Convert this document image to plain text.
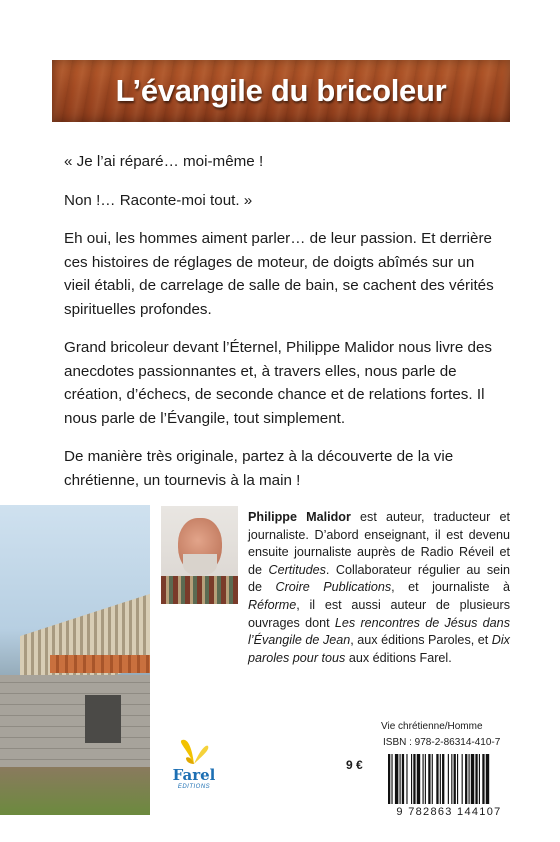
L’évangile du bricoleur

« Je l’ai réparé… moi-même !

Non !… Raconte-moi tout. »

Eh oui, les hommes aiment parler… de leur passion. Et derrière ces histoires de réglages de moteur, de doigts abîmés sur un vieil établi, de carrelage de salle de bain, se cachent des vérités spirituelles profondes.

Grand bricoleur devant l’Éternel, Philippe Malidor nous livre des anecdotes passionnantes et, à travers elles, nous parle de création, d’échecs, de seconde chance et de relations fortes. Il nous parle de l’Évangile, tout simplement.

De manière très originale, partez à la découverte de la vie chrétienne, un tournevis à la main !

Philippe Malidor est auteur, traducteur et journaliste. D’abord enseignant, il est devenu ensuite journaliste auprès de Radio Réveil et de Certitudes. Collaborateur régulier au sein de Croire Publications, et journaliste à Réforme, il est aussi auteur de plusieurs ouvrages dont Les rencontres de Jésus dans l’Évangile de Jean, aux éditions Paroles, et Dix paroles pour tous aux éditions Farel.
Farel
EDITIONS
9 €
Vie chrétienne/Homme
ISBN : 978-2-86314-410-7
9 782863 144107
